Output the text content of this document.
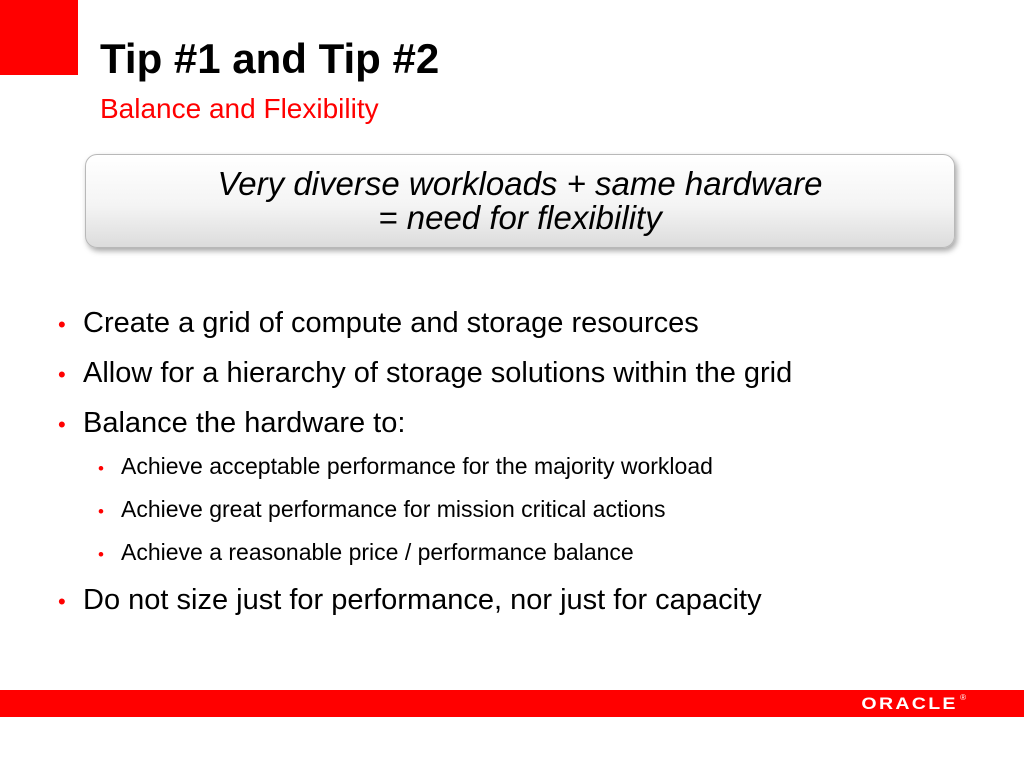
Tip #1 and Tip #2
Balance and Flexibility
Very diverse workloads + same hardware
= need for flexibility
• Create a grid of compute and storage resources
• Allow for a hierarchy of storage solutions within the grid
• Balance the hardware to:
• Achieve acceptable performance for the majority workload
• Achieve great performance for mission critical actions
• Achieve a reasonable price / performance balance
• Do not size just for performance, nor just for capacity
ORACLE ®
